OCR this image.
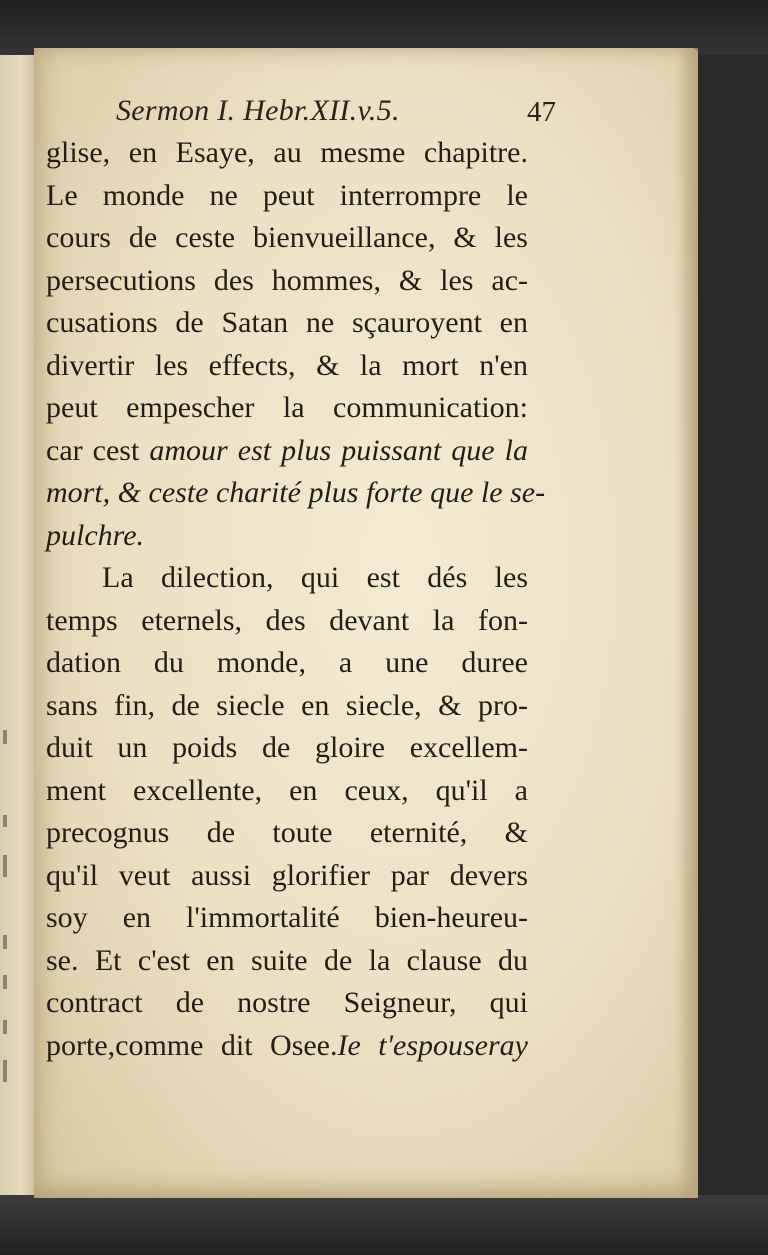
Sermon I. Hebr.XII.v.5.	47
glise, en Esaye, au mesme chapitre.
Le monde ne peut interrompre le
cours de ceste bienvueillance, & les
persecutions des hommes, & les ac-
cusations de Satan ne sçauroyent en
divertir les effects, & la mort n'en
peut empescher la communication:
car cest amour est plus puissant que la
mort, & ceste charité plus forte que le se-
pulchre.
La dilection, qui est dés les
temps eternels, des devant la fon-
dation du monde, a une duree
sans fin, de siecle en siecle, & pro-
duit un poids de gloire excellem-
ment excellente, en ceux, qu'il a
precognus de toute eternité, &
qu'il veut aussi glorifier par devers
soy en l'immortalité bien-heureu-
se. Et c'est en suite de la clause du
contract de nostre Seigneur, qui
porte,comme dit Osee.Ie t'espouseray
